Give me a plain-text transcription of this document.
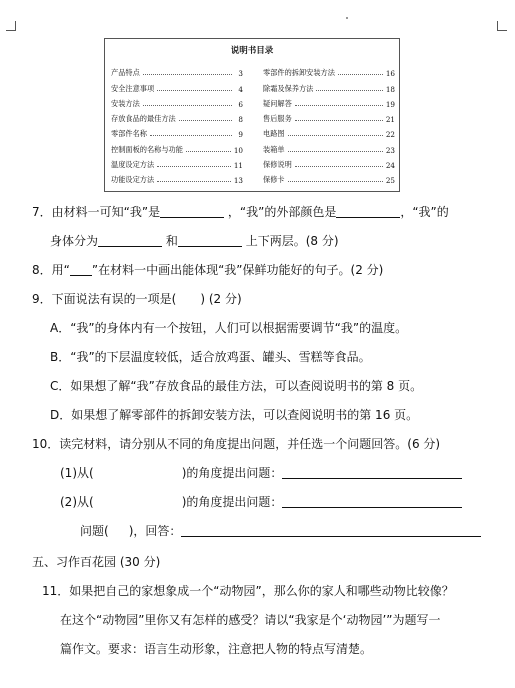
说明书目录
产品特点	3
安全注意事项	4
安装方法	6
存放食品的最佳方法	8
零部件名称	9
控制面板的名称与功能	10
温度设定方法	11
功能设定方法	13
零部件的拆卸安装方法	16
除霜及保养方法	18
疑问解答	19
售后服务	21
电路图	22
装箱单	23
保修说明	24
保修卡	25
7．由材料一可知“我”是	，“我”的外部颜色是	，“我”的
身体分为	和	上下两层。(8 分)
8．用“ ”在材料一中画出能体现“我”保鲜功能好的句子。(2 分)
9．下面说法有误的一项是(　　) (2 分)
A．“我”的身体内有一个按钮，人们可以根据需要调节“我”的温度。
B．“我”的下层温度较低，适合放鸡蛋、罐头、雪糕等食品。
C．如果想了解“我”存放食品的最佳方法，可以查阅说明书的第 8 页。
D．如果想了解零部件的拆卸安装方法，可以查阅说明书的第 16 页。
10．读完材料，请分别从不同的角度提出问题，并任选一个问题回答。(6 分)
(1)从(	)的角度提出问题：
(2)从(	)的角度提出问题：
问题( )，回答：
五、习作百花园 (30 分)
11．如果把自己的家想象成一个“动物园”，那么你的家人和哪些动物比较像？
在这个“动物园”里你又有怎样的感受？请以“我家是个‘动物园’”为题写一
篇作文。要求：语言生动形象，注意把人物的特点写清楚。
